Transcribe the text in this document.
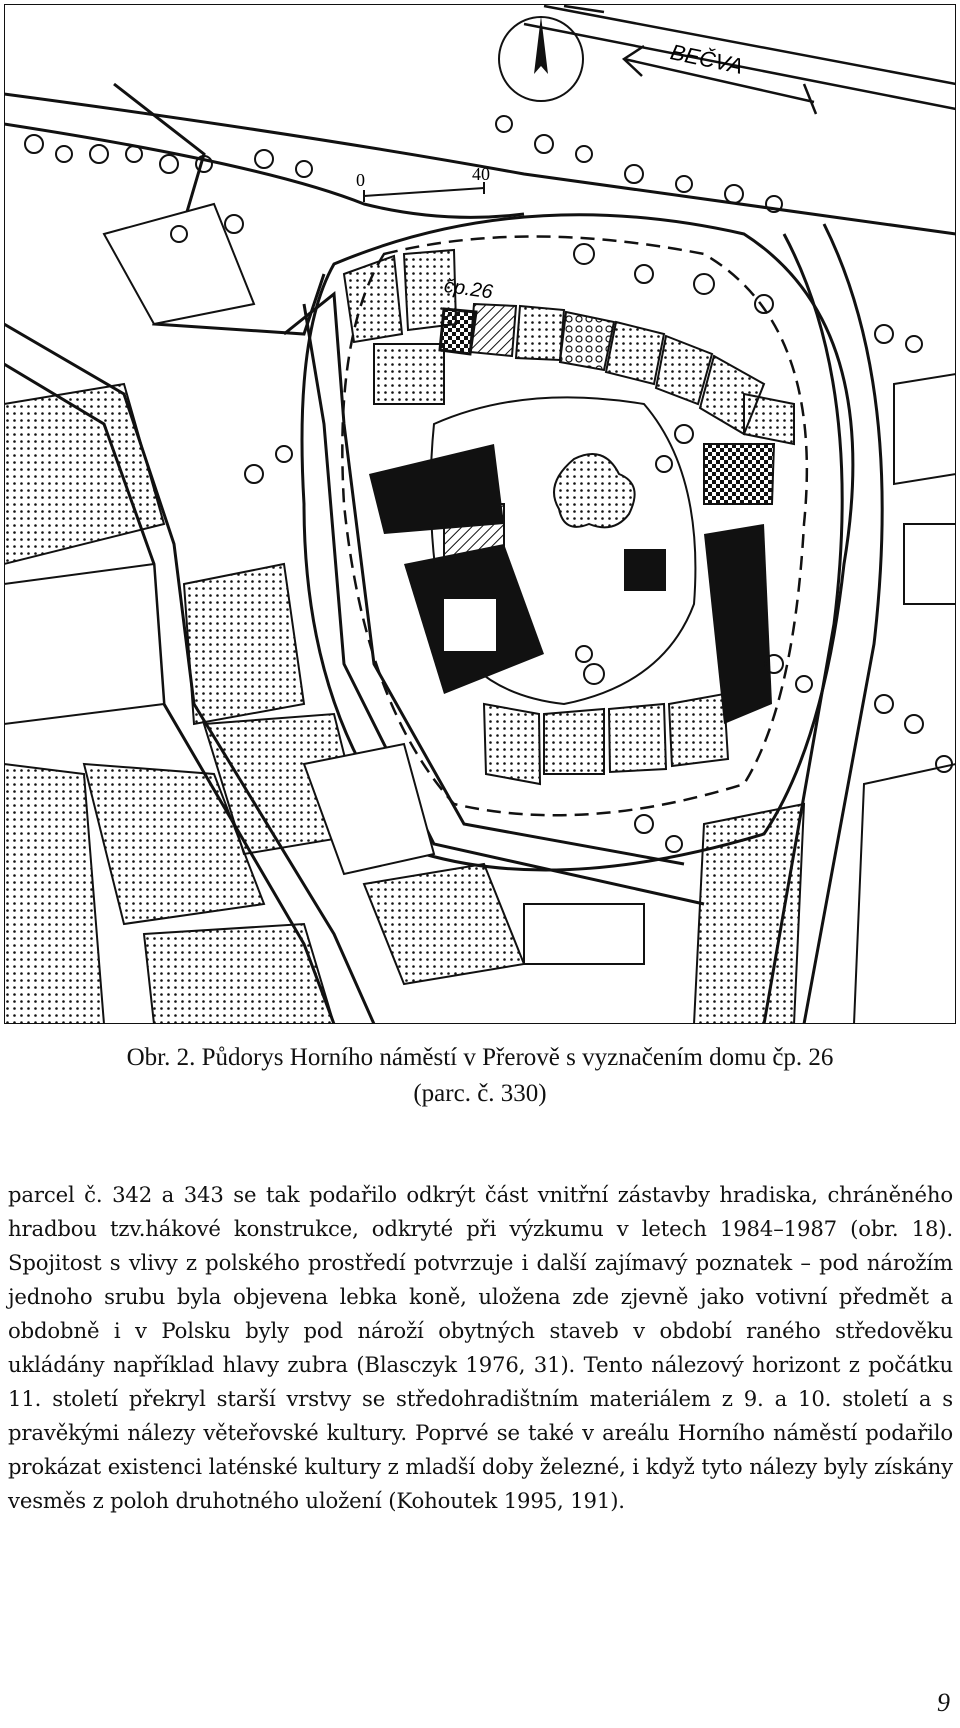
BEČVA
0	40
čp.26
Obr. 2. Půdorys Horního náměstí v Přerově s vyznačením domu čp. 26
(parc. č. 330)

parcel č. 342 a 343 se tak podařilo odkrýt část vnitřní zástavby hradiska, chráněného hradbou tzv.hákové konstrukce, odkryté při výzkumu v letech 1984–1987 (obr. 18). Spojitost s vlivy z polského prostředí potvrzuje i další zajímavý poznatek – pod nárožím jednoho srubu byla objevena lebka koně, uložena zde zjevně jako votivní předmět a obdobně i v Polsku byly pod nároží obytných staveb v období raného středověku ukládány například hlavy zubra (Blasczyk 1976, 31). Tento nálezový horizont z počátku 11. století překryl starší vrstvy se středohradištním materiálem z 9. a 10. století a s pravěkými nálezy věteřovské kultury. Poprvé se také v areálu Horního náměstí podařilo prokázat existenci laténské kultury z mladší doby železné, i když tyto nálezy byly získány vesměs z poloh druhotného uložení (Kohoutek 1995, 191).

9
